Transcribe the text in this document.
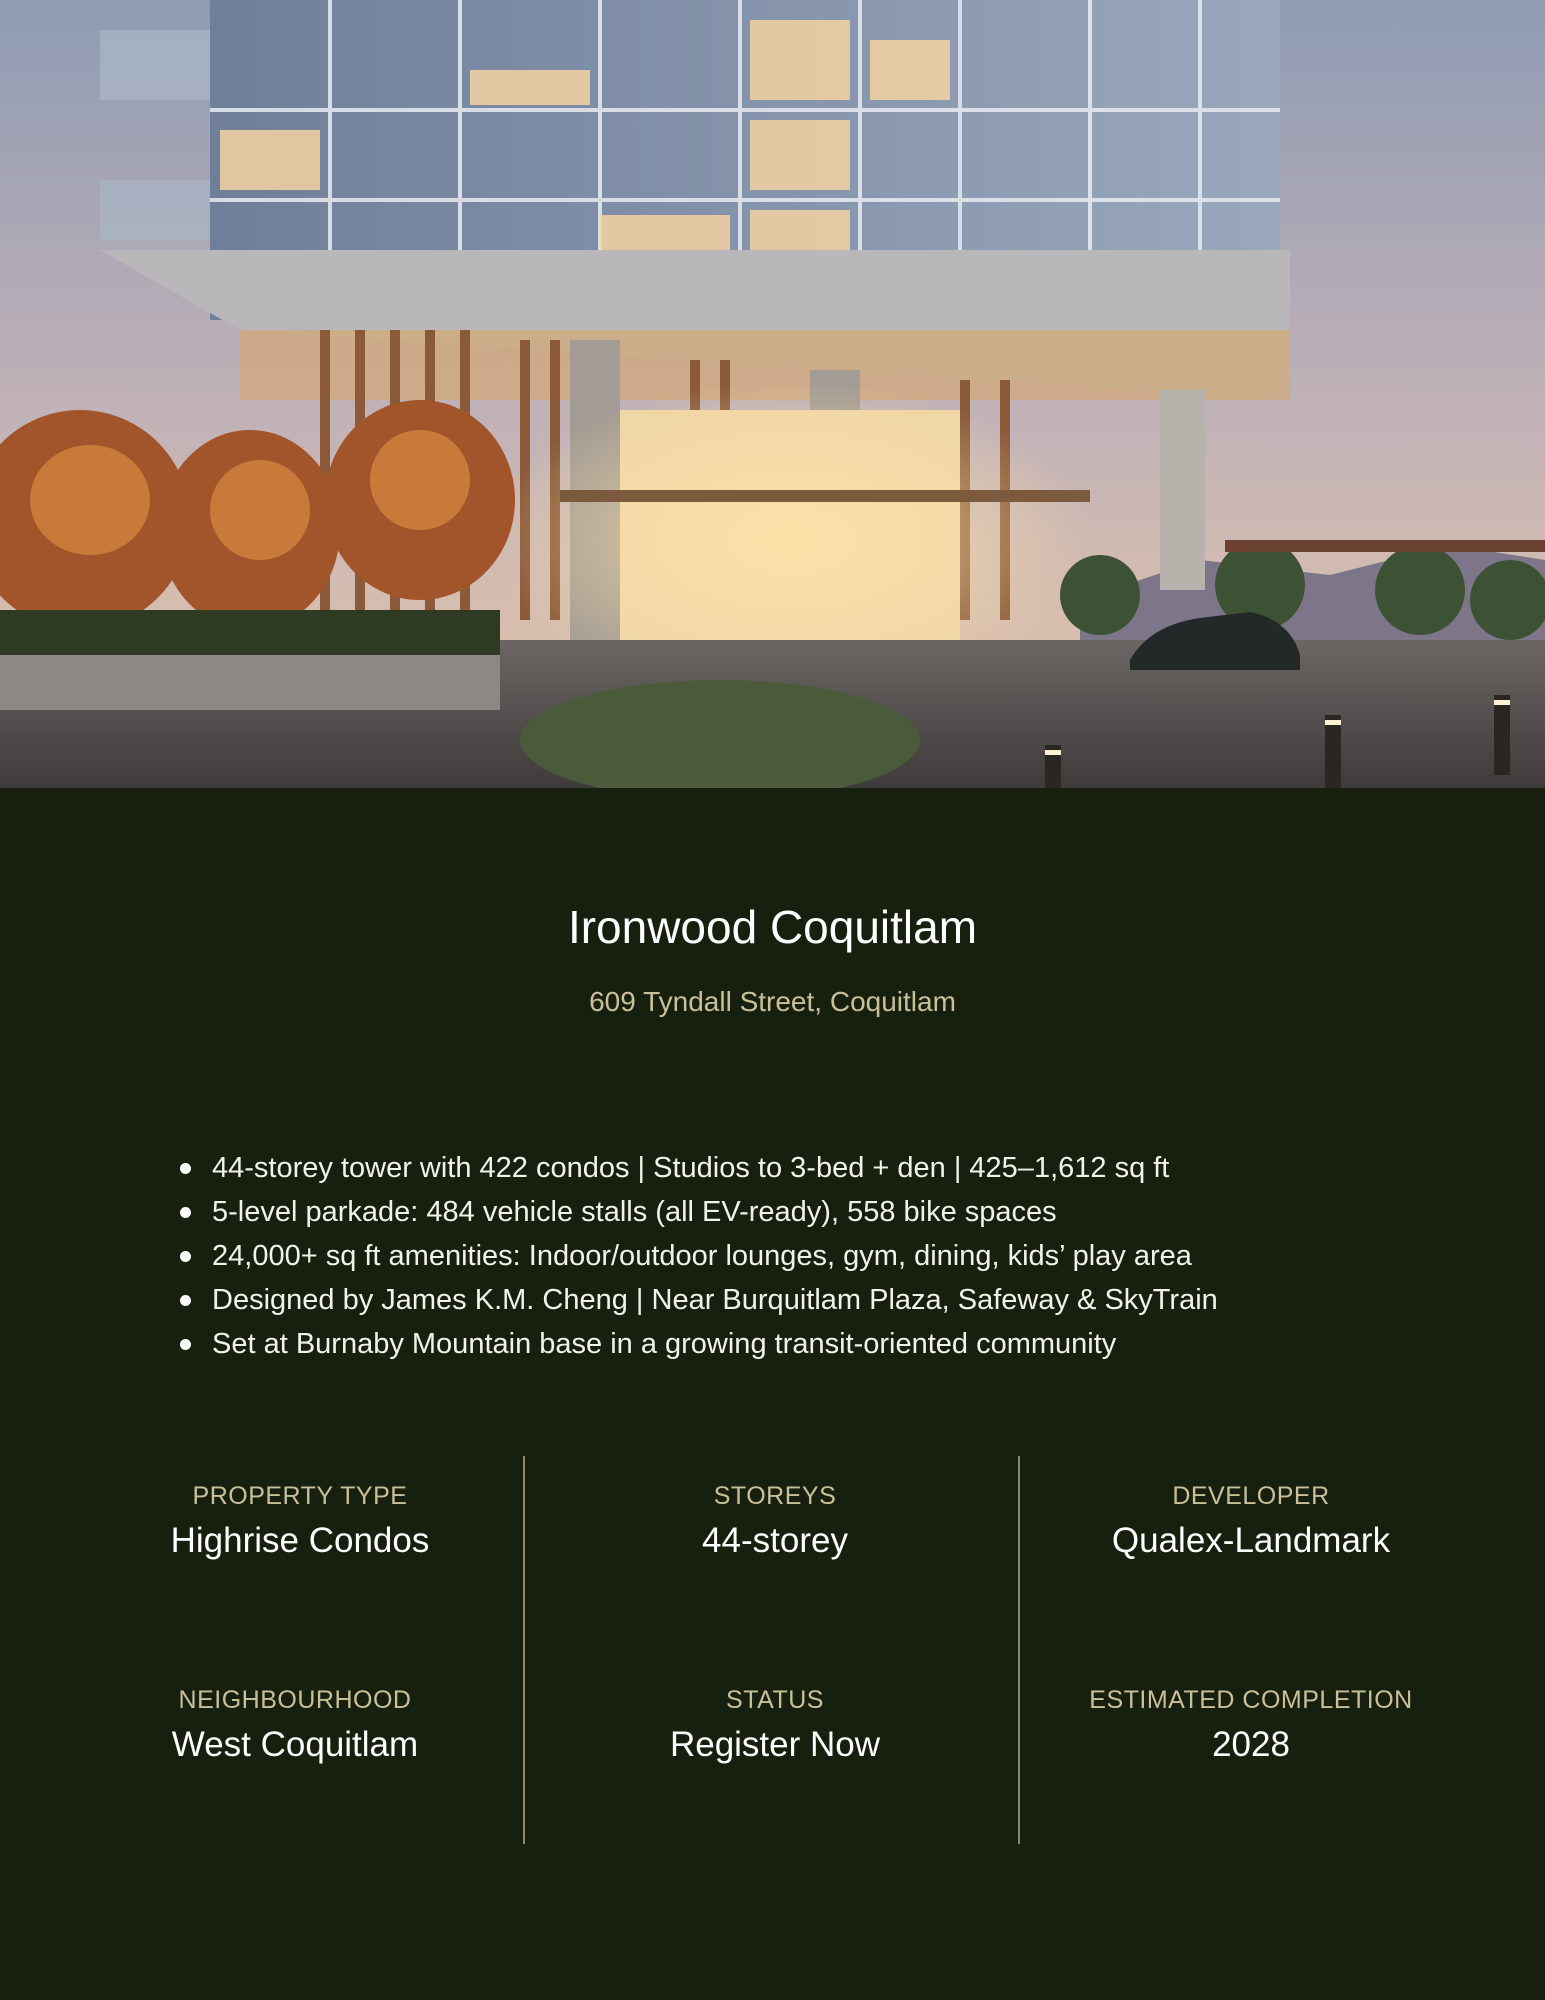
Ironwood Coquitlam
609 Tyndall Street, Coquitlam
44-storey tower with 422 condos | Studios to 3-bed + den | 425–1,612 sq ft
5-level parkade: 484 vehicle stalls (all EV-ready), 558 bike spaces
24,000+ sq ft amenities: Indoor/outdoor lounges, gym, dining, kids’ play area
Designed by James K.M. Cheng | Near Burquitlam Plaza, Safeway & SkyTrain
Set at Burnaby Mountain base in a growing transit-oriented community
PROPERTY TYPE
Highrise Condos
STOREYS
44-storey
DEVELOPER
Qualex-Landmark
NEIGHBOURHOOD
West Coquitlam
STATUS
Register Now
ESTIMATED COMPLETION
2028
